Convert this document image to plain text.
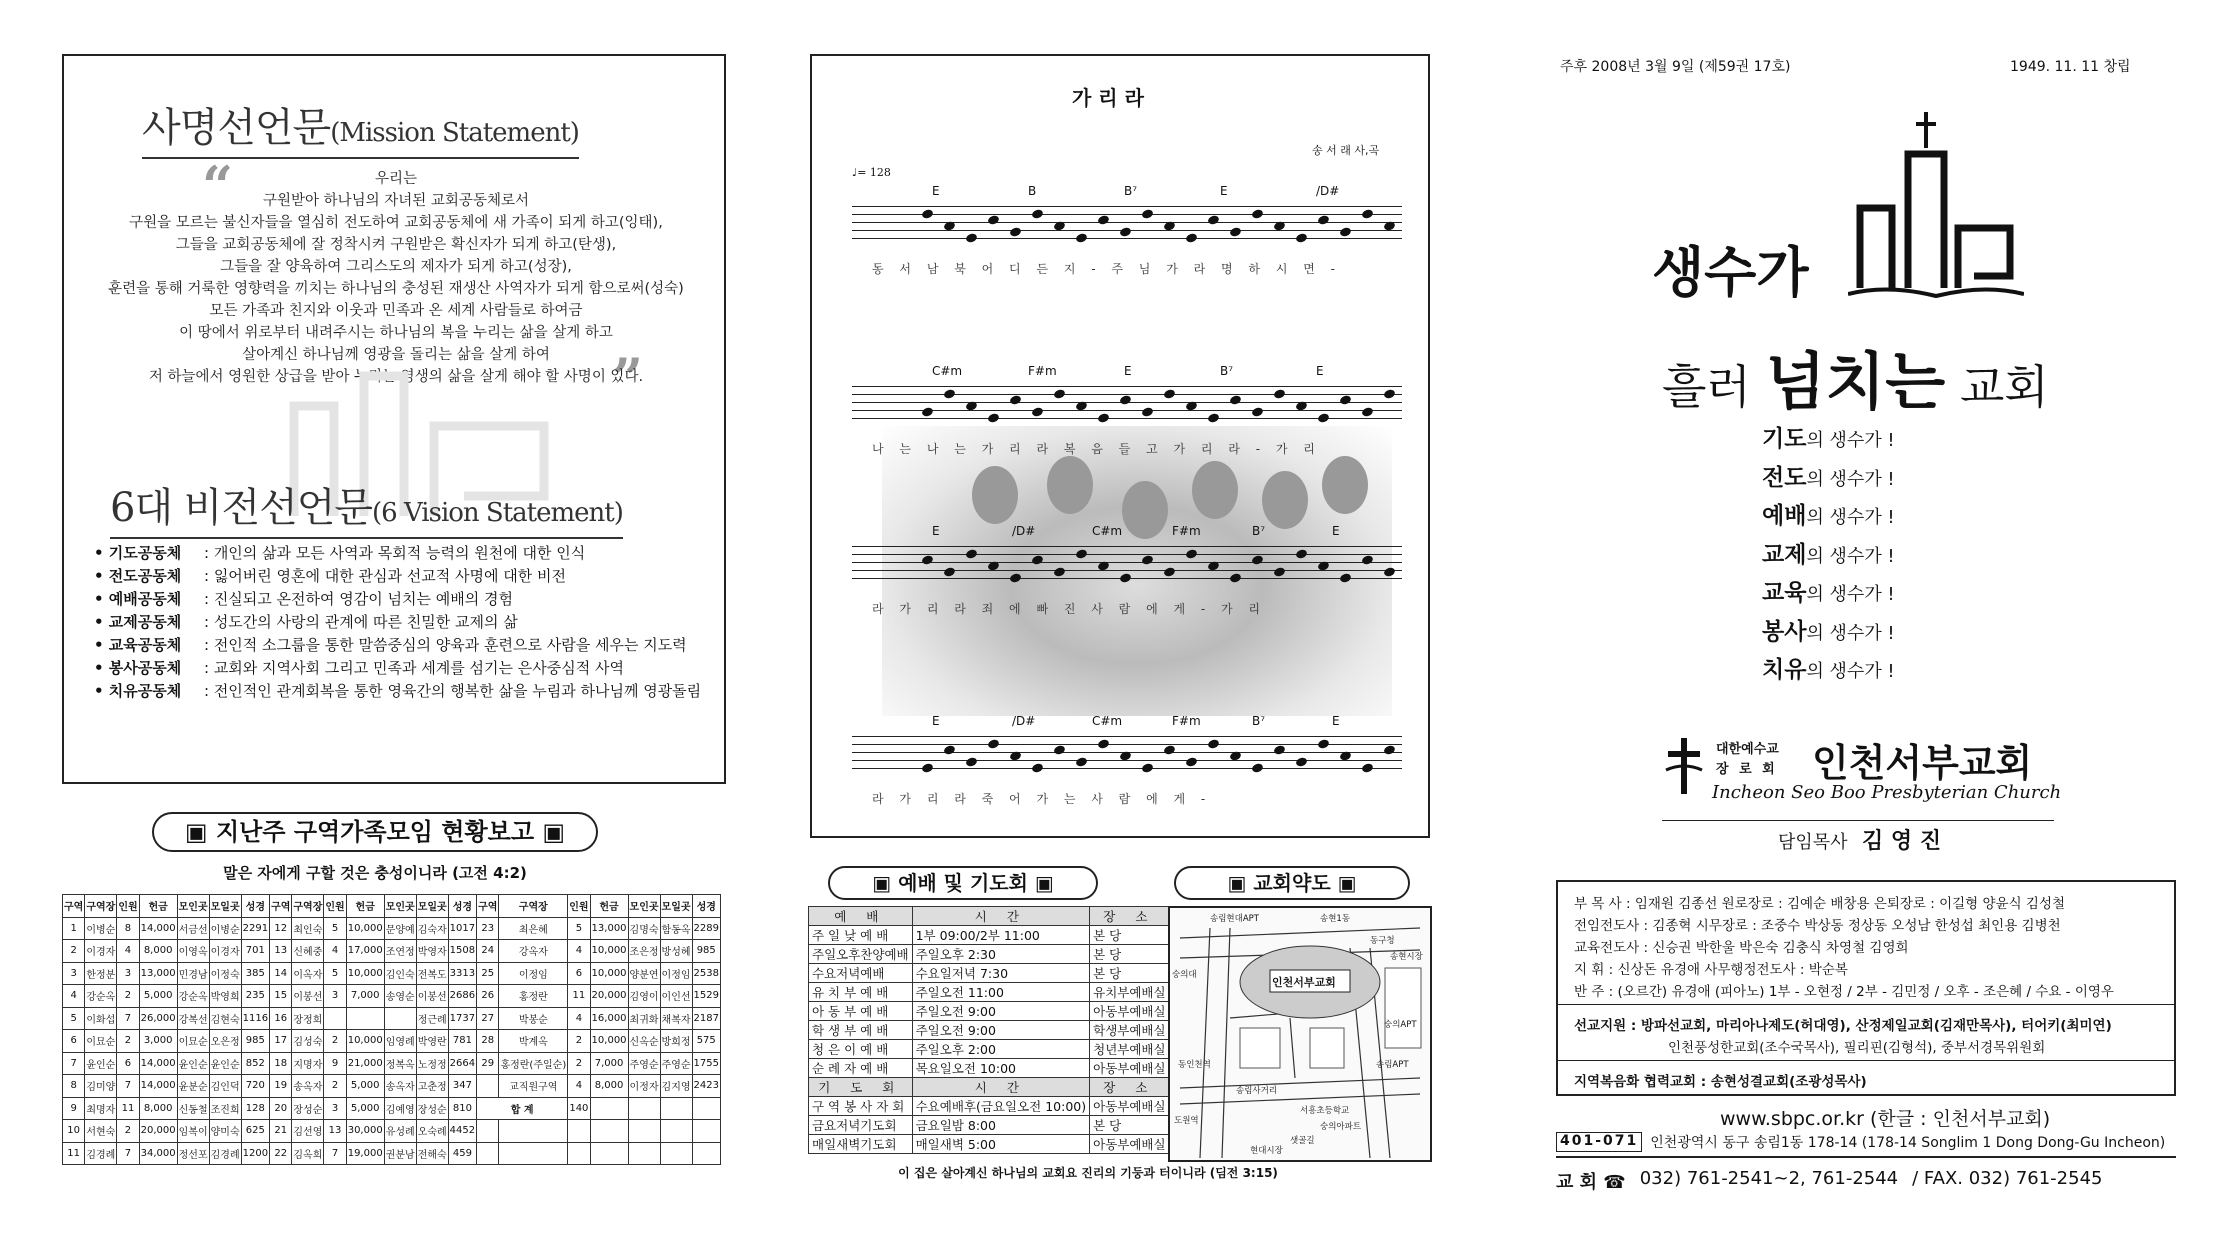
사명선언문(Mission Statement)
“
”
우리는
구원받아 하나님의 자녀된 교회공동체로서
구원을 모르는 불신자들을 열심히 전도하여 교회공동체에 새 가족이 되게 하고(잉태),
그들을 교회공동체에 잘 정착시켜 구원받은 확신자가 되게 하고(탄생),
그들을 잘 양육하여 그리스도의 제자가 되게 하고(성장),
훈련을 통해 거룩한 영향력을 끼치는 하나님의 충성된 재생산 사역자가 되게 함으로써(성숙)
모든 가족과 친지와 이웃과 민족과 온 세계 사람들로 하여금
이 땅에서 위로부터 내려주시는 하나님의 복을 누리는 삶을 살게 하고
살아계신 하나님께 영광을 돌리는 삶을 살게 하여
저 하늘에서 영원한 상급을 받아 누리는 영생의 삶을 살게 해야 할 사명이 있다.
6대 비전선언문(6 Vision Statement)
• 기도공동체	: 개인의 삶과 모든 사역과 목회적 능력의 원천에 대한 인식
• 전도공동체	: 잃어버린 영혼에 대한 관심과 선교적 사명에 대한 비전
• 예배공동체	: 진실되고 온전하여 영감이 넘치는 예배의 경험
• 교제공동체	: 성도간의 사랑의 관계에 따른 친밀한 교제의 삶
• 교육공동체	: 전인적 소그룹을 통한 말씀중심의 양육과 훈련으로 사람을 세우는 지도력
• 봉사공동체	: 교회와 지역사회 그리고 민족과 세계를 섬기는 은사중심적 사역
• 치유공동체	: 전인적인 관계회복을 통한 영육간의 행복한 삶을 누림과 하나님께 영광돌림
가 리 라
송 서 래 사,곡
♩= 128
E	B	B⁷	E	/D#
동 서 남 북 어 디 든 지 - 주 님 가 라 명 하 시 면 -
C#m	F#m	E	B⁷	E
나 는 나 는 가 리 라 복 음 들 고 가 리 라 - 가 리
E	/D#	C#m	F#m	B⁷	E
라 가 리 라 죄 에 빠 진 사 람 에 게 - 가 리
E	/D#	C#m	F#m	B⁷	E
라 가 리 라 죽 어 가 는 사 람 에 게 -
▣ 지난주 구역가족모임 현황보고 ▣
말은 자에게 구할 것은 충성이니라 (고전 4:2)
구역	구역장	인원	헌금	모인곳	모일곳	성경	구역	구역장	인원	헌금	모인곳	모일곳	성경	구역	구역장	인원	헌금	모인곳	모일곳	성경
1	이병순	8	14,000	서금선	이병순	2291	12	최인숙	5	10,000	문양예	김숙자	1017	23	최은혜	5	13,000	김명숙	함동옥	2289
2	이경자	4	8,000	이영옥	이경자	701	13	신혜중	4	17,000	조연정	박영자	1508	24	강옥자	4	10,000	조은정	방성혜	985
3	한정분	3	13,000	민경남	이정숙	385	14	이옥자	5	10,000	김인숙	전복도	3313	25	이정임	6	10,000	양분연	이정임	2538
4	강순옥	2	5,000	강순옥	박영희	235	15	이봉선	3	7,000	송영순	이봉선	2686	26	홍정란	11	20,000	김영이	이인선	1529
5	이화섭	7	26,000	강복선	김현숙	1116	16	장정희				정근례	1737	27	박봉순	4	16,000	최귀화	채복자	2187
6	이묘순	2	3,000	이묘순	오은정	985	17	김성숙	2	10,000	임영례	박영란	781	28	박계옥	2	10,000	신옥순	방희정	575
7	윤인순	6	14,000	윤인순	윤인순	852	18	지명자	9	21,000	정복옥	노정정	2664	29	홍정란(주일순)	2	7,000	주영순	주영순	1755
8	김미양	7	14,000	윤분순	김인덕	720	19	송옥자	2	5,000	송옥자	고춘정	347		교직원구역	4	8,000	이정자	김지영	2423
9	최명자	11	8,000	신동철	조진희	128	20	장성순	3	5,000	김예영	장성순	810	합 계		140				
10	서현숙	2	20,000	임복이	양미숙	625	21	김선영	13	30,000	유성례	오숙례	4452							
11	김경례	7	34,000	정선포	김경례	1200	22	김옥희	7	19,000	권분남	전해숙	459							
▣ 예배 및 기도회 ▣
예 배	시 간	장 소
주 일 낮 예 배	1부 09:00/2부 11:00	본 당
주일오후찬양예배	주일오후 2:30	본 당
수요저녁예배	수요일저녁 7:30	본 당
유 치 부 예 배	주일오전 11:00	유치부예배실
아 동 부 예 배	주일오전 9:00	아동부예배실
학 생 부 예 배	주일오전 9:00	학생부예배실
청 은 이 예 배	주일오후 2:00	청년부예배실
순 례 자 예 배	목요일오전 10:00	아동부예배실
기 도 회	시 간	장 소
구 역 봉 사 자 회	수요예배후(금요일오전 10:00)	아동부예배실
금요저녁기도회	금요일밤 8:00	본 당
매일새벽기도회	매일새벽 5:00	아동부예배실
이 집은 살아계신 하나님의 교회요 진리의 기둥과 터이니라 (딤전 3:15)
▣ 교회약도 ▣
인천서부교회
송림현대APT	송현1동
동구청
송현시장
송림APT
숭의대
숭의APT
도원역
서흥초등학교
숭의아파트
송림사거리
현대시장
동인천역
샛골길
주후 2008년 3월 9일 (제59권 17호)	1949. 11. 11 창립
생수가
흘러 넘치는 교회
기도의 생수가 !
전도의 생수가 !
예배의 생수가 !
교제의 생수가 !
교육의 생수가 !
봉사의 생수가 !
치유의 생수가 !
대한예수교
장 로 회 인천서부교회
Incheon Seo Boo Presbyterian Church
담임목사 김 영 진
부 목 사 : 임재원 김종선 원로장로 : 김예순 배창용 은퇴장로 : 이길형 양윤식 김성철
전임전도사 : 김종혁 시무장로 : 조중수 박상동 정상동 오성남 한성섭 최인용 김병천
교육전도사 : 신승권 박한울 박은숙 김충식 차영철 김영희
지 휘 : 신상돈 유경애 사무행정전도사 : 박순복
반 주 : (오르간) 유경애 (피아노) 1부 - 오현정 / 2부 - 김민정 / 오후 - 조은혜 / 수요 - 이영우
선교지원 : 방파선교회, 마리아나제도(허대영), 산정제일교회(김재만목사), 터어키(최미연)
인천풍성한교회(조수국목사), 필리핀(김형석), 중부서경목위원회
지역복음화 협력교회 : 송현성결교회(조광성목사)
www.sbpc.or.kr (한글 : 인천서부교회)
401-071 인천광역시 동구 송림1동 178-14 (178-14 Songlim 1 Dong Dong-Gu Incheon)
교 회 ☎ 032) 761-2541~2, 761-2544 / FAX. 032) 761-2545
